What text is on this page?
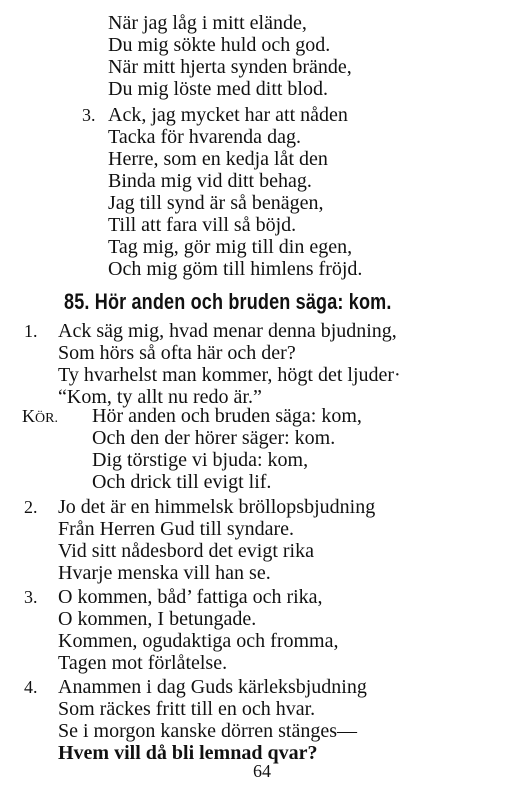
När jag låg i mitt elände,
Du mig sökte huld och god.
När mitt hjerta synden brände,
Du mig löste med ditt blod.
3. Ack, jag mycket har att nåden
Tacka för hvarenda dag.
Herre, som en kedja låt den
Binda mig vid ditt behag.
Jag till synd är så benägen,
Till att fara vill så böjd.
Tag mig, gör mig till din egen,
Och mig göm till himlens fröjd.
85. Hör anden och bruden säga: kom.
1. Ack säg mig, hvad menar denna bjudning,
Som hörs så ofta här och der?
Ty hvarhelst man kommer, högt det ljuder·
“Kom, ty allt nu redo är.”
KÖR. Hör anden och bruden säga: kom,
Och den der hörer säger: kom.
Dig törstige vi bjuda: kom,
Och drick till evigt lif.
2. Jo det är en himmelsk bröllopsbjudning
Från Herren Gud till syndare.
Vid sitt nådesbord det evigt rika
Hvarje menska vill han se.
3. O kommen, båd’ fattiga och rika,
O kommen, I betungade.
Kommen, ogudaktiga och fromma,
Tagen mot förlåtelse.
4. Anammen i dag Guds kärleksbjudning
Som räckes fritt till en och hvar.
Se i morgon kanske dörren stänges—
Hvem vill då bli lemnad qvar?
64
